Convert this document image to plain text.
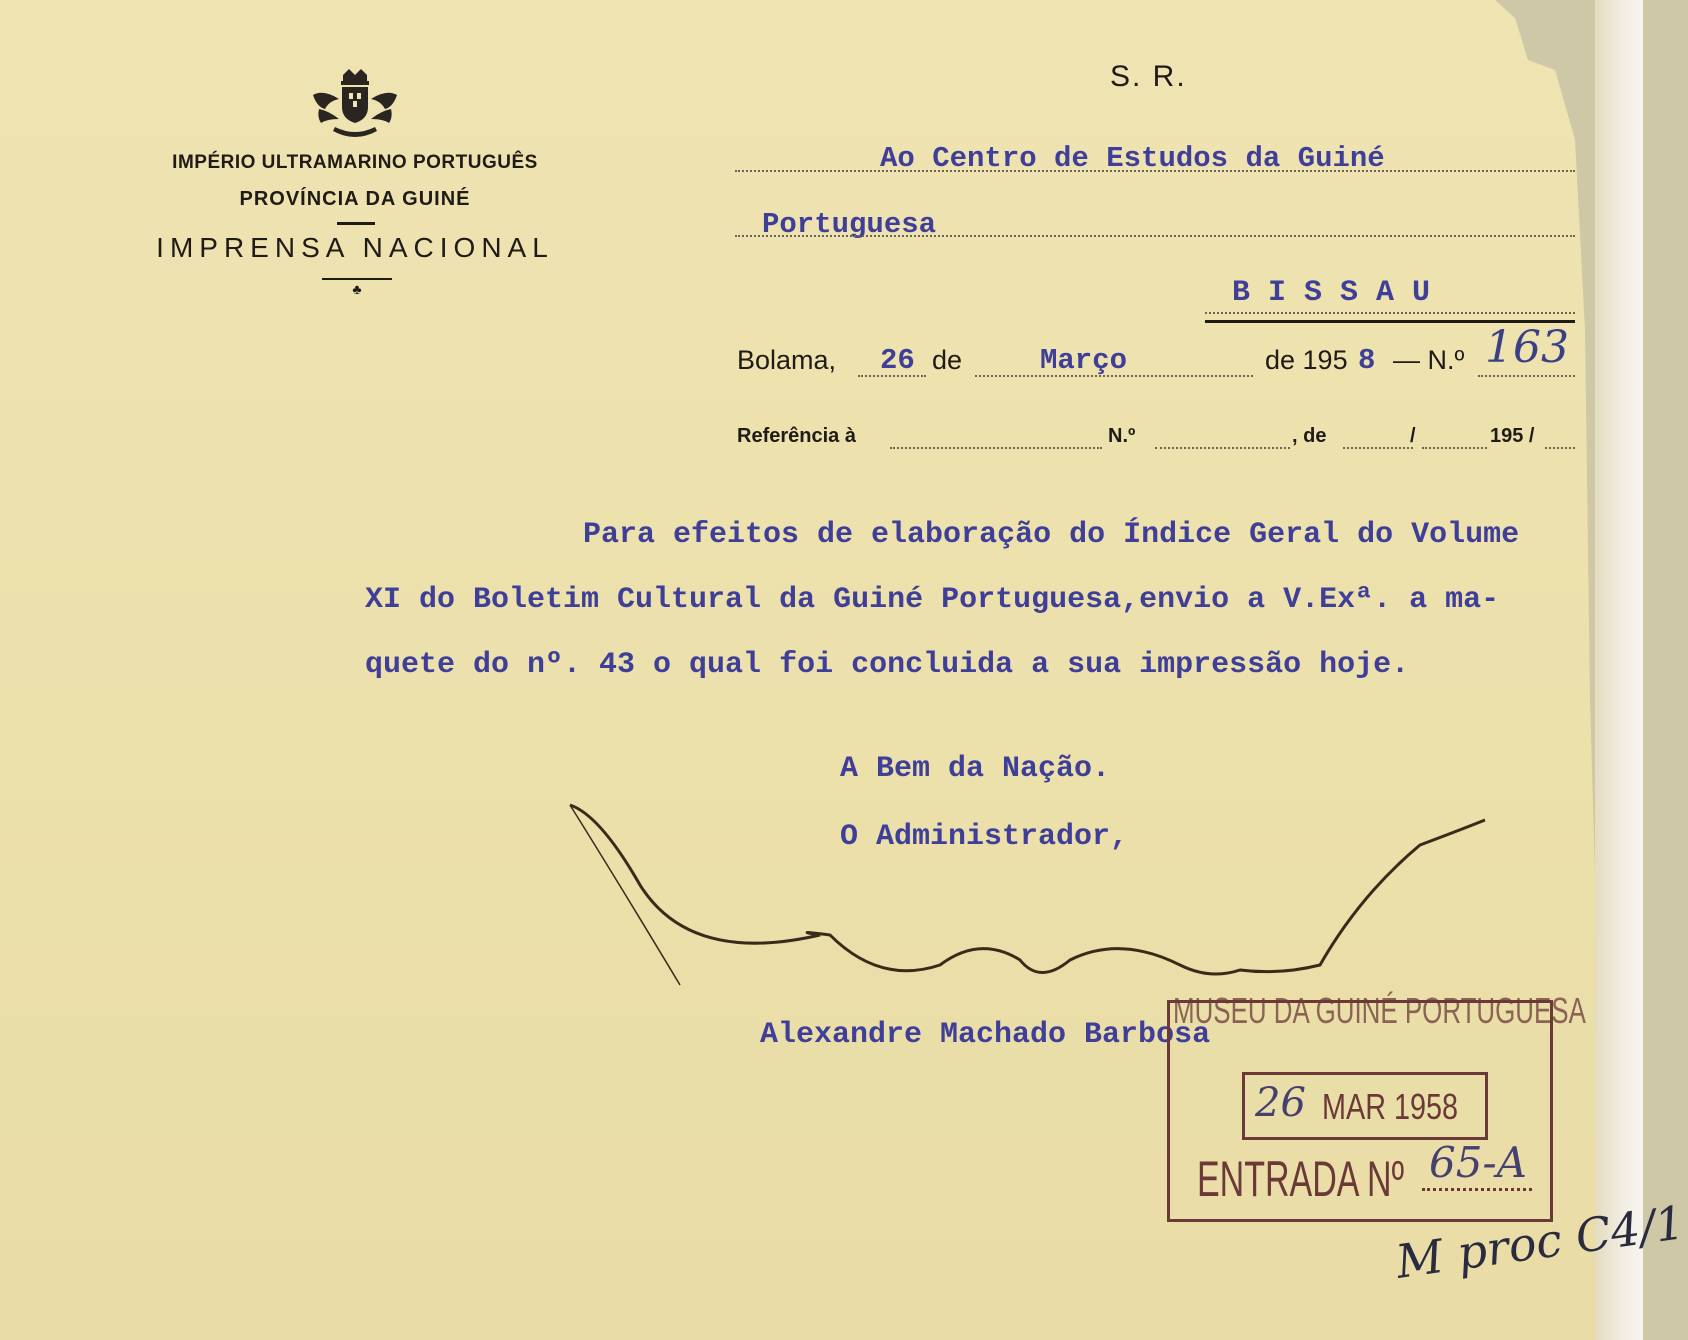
IMPÉRIO ULTRAMARINO PORTUGUÊS
PROVÍNCIA DA GUINÉ
IMPRENSA NACIONAL
♣
S. R.
Ao Centro de Estudos da Guiné
Portuguesa
B I S S A U
Bolama, 26 de	Março	de 195 8 — N.º 163
Referência à	N.º	, de	/	195 /
Para efeitos de elaboração do Índice Geral do Volume
XI do Boletim Cultural da Guiné Portuguesa,envio a V.Exª. a ma-
quete do nº. 43 o qual foi concluida a sua impressão hoje.
A Bem da Nação.
O Administrador,
Alexandre Machado Barbosa
MUSEU DA GUINÉ PORTUGUESA
26 MAR 1958
ENTRADA Nº 65-A
M proc C4/1
